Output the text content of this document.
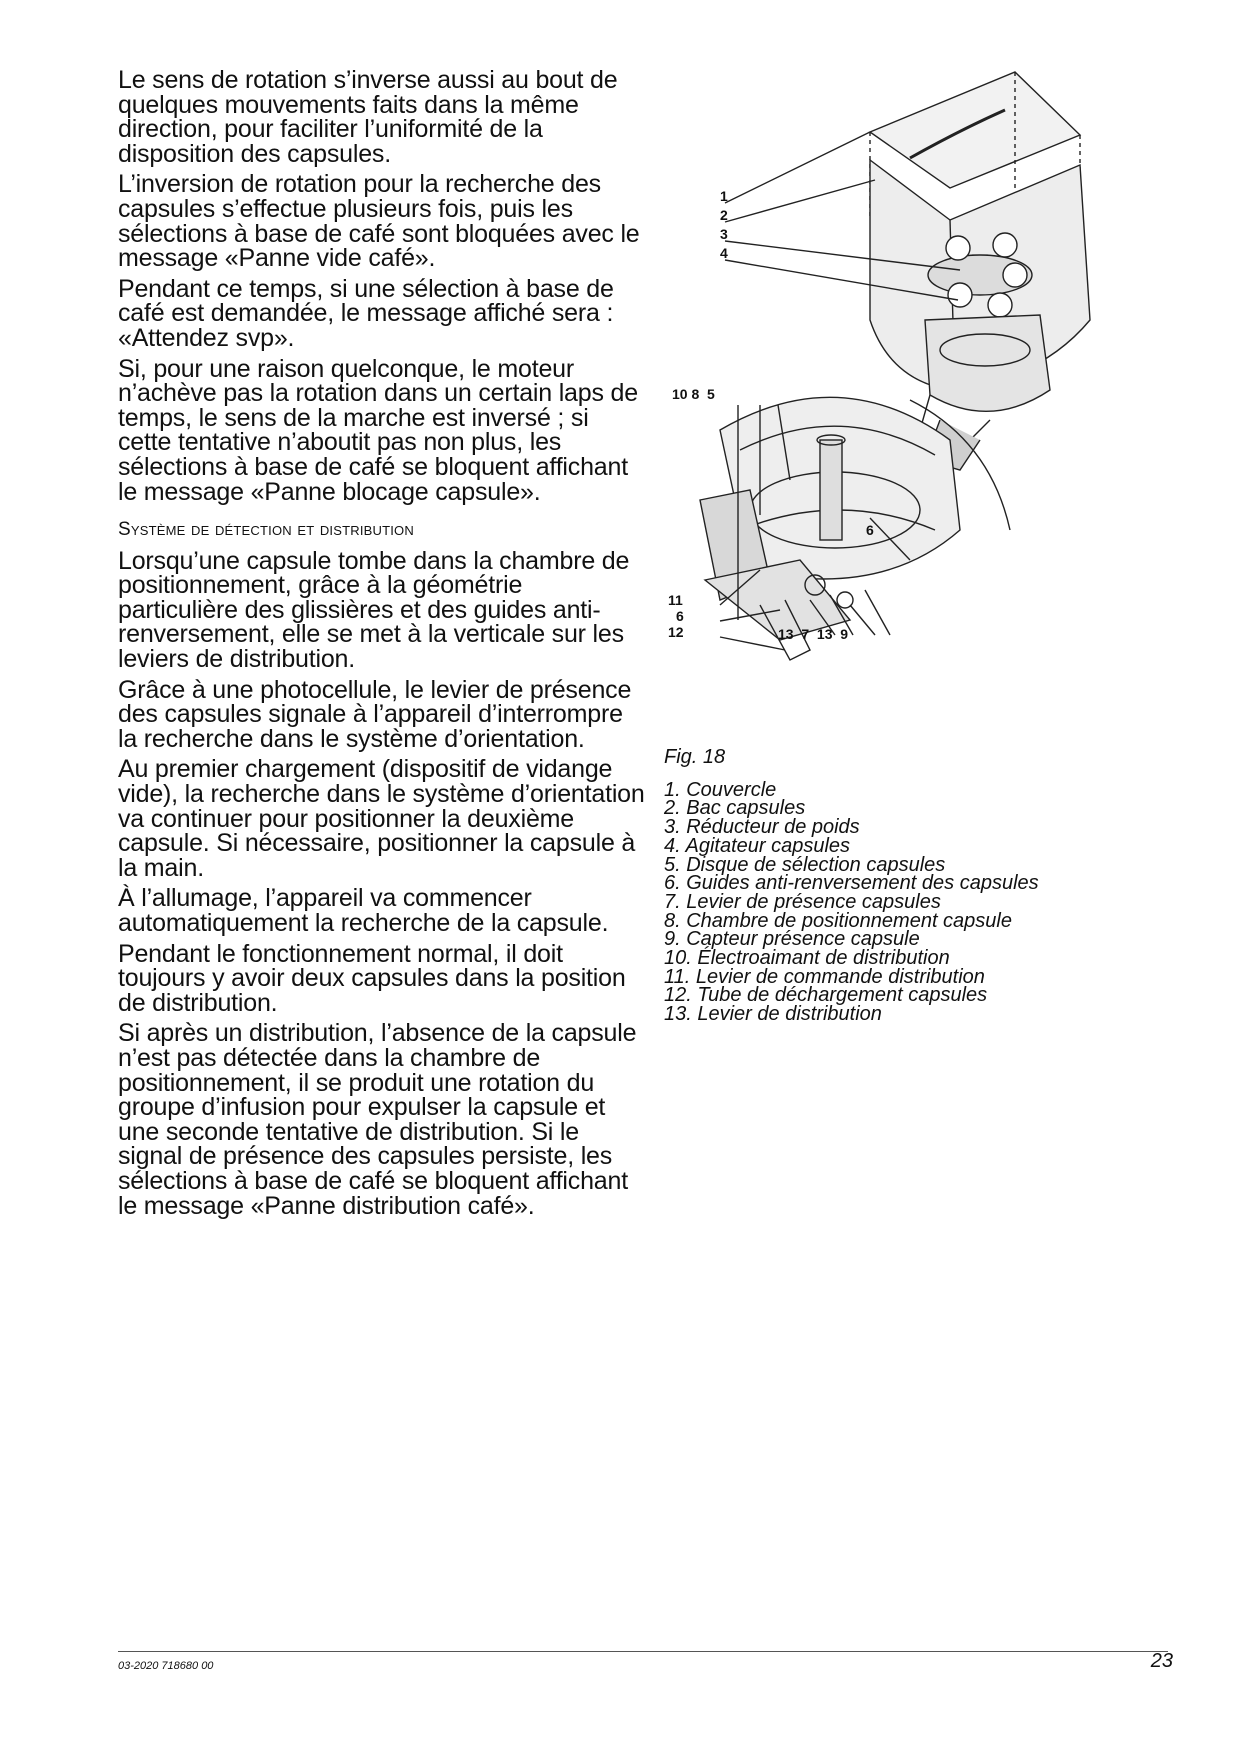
Le sens de rotation s’inverse aussi au bout de quelques mouvements faits dans la même direction, pour faciliter l’uniformité de la disposition des capsules.

L’inversion de rotation pour la recherche des capsules s’effectue plusieurs fois, puis les sélections à base de café sont bloquées avec le message «Panne vide café».

Pendant ce temps, si une sélection à base de café est demandée, le message affiché sera : «Attendez svp».

Si, pour une raison quelconque, le moteur n’achève pas la rotation dans un certain laps de temps, le sens de la marche est inversé ; si cette tentative n’aboutit pas non plus, les sélections à base de café se bloquent affichant le message «Panne blocage capsule».

Système de détection et distribution

Lorsqu’une capsule tombe dans la chambre de positionnement, grâce à la géométrie particulière des glissières et des guides anti-renversement, elle se met à la verticale sur les leviers de distribution.

Grâce à une photocellule, le levier de présence des capsules signale à l’appareil d’interrompre la recherche dans le système d’orientation.

Au premier chargement (dispositif de vidange vide), la recherche dans le système d’orientation va continuer pour positionner la deuxième capsule. Si nécessaire, positionner la capsule à la main.

À l’allumage, l’appareil va commencer automatiquement la recherche de la capsule.

Pendant le fonctionnement normal, il doit toujours y avoir deux capsules dans la position de distribution.

Si après un distribution, l’absence de la capsule n’est pas détectée dans la chambre de positionnement, il se produit une rotation du groupe d’infusion pour expulser la capsule et une seconde tentative de distribution. Si le signal de présence des capsules persiste, les sélections à base de café se bloquent affichant le message «Panne distribution café».

1
2
3
4
10 8  5
6
11
6
12	13  7  13  9
Fig. 18
1. Couvercle
2. Bac capsules
3. Réducteur de poids
4. Agitateur capsules
5. Disque de sélection capsules
6. Guides anti-renversement des capsules
7. Levier de présence capsules
8. Chambre de positionnement capsule
9. Capteur présence capsule
10. Électroaimant de distribution
11. Levier de commande distribution
12. Tube de déchargement capsules
13. Levier de distribution
03-2020 718680 00	23
